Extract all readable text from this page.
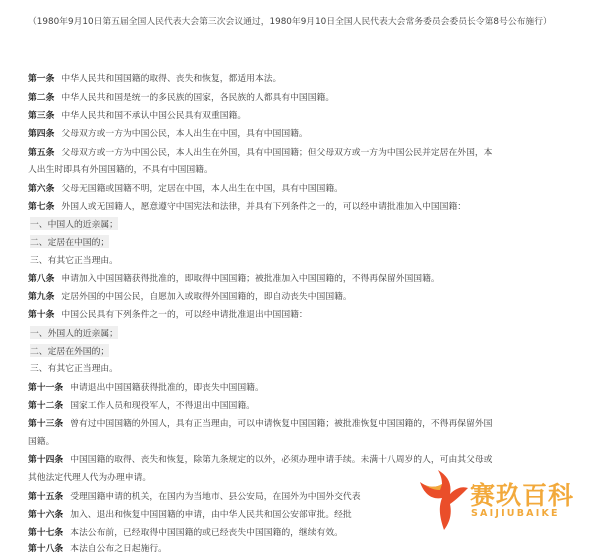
（1980年9月10日第五届全国人民代表大会第三次会议通过，1980年9月10日全国人民代表大会常务委员会委员长令第8号公布施行）
第一条 中华人民共和国国籍的取得、丧失和恢复，都适用本法。
第二条 中华人民共和国是统一的多民族的国家，各民族的人都具有中国国籍。
第三条 中华人民共和国不承认中国公民具有双重国籍。
第四条 父母双方或一方为中国公民，本人出生在中国，具有中国国籍。
第五条 父母双方或一方为中国公民，本人出生在外国，具有中国国籍；但父母双方或一方为中国公民并定居在外国，本
人出生时即具有外国国籍的，不具有中国国籍。
第六条 父母无国籍或国籍不明，定居在中国，本人出生在中国，具有中国国籍。
第七条 外国人或无国籍人，愿意遵守中国宪法和法律，并具有下列条件之一的，可以经申请批准加入中国国籍：
一、中国人的近亲属；
二、定居在中国的；
三、有其它正当理由。
第八条 申请加入中国国籍获得批准的，即取得中国国籍；被批准加入中国国籍的，不得再保留外国国籍。
第九条 定居外国的中国公民，自愿加入或取得外国国籍的，即自动丧失中国国籍。
第十条 中国公民具有下列条件之一的，可以经申请批准退出中国国籍：
一、外国人的近亲属；
二、定居在外国的；
三、有其它正当理由。
第十一条 申请退出中国国籍获得批准的，即丧失中国国籍。
第十二条 国家工作人员和现役军人，不得退出中国国籍。
第十三条 曾有过中国国籍的外国人，具有正当理由，可以申请恢复中国国籍；被批准恢复中国国籍的，不得再保留外国
国籍。
第十四条 中国国籍的取得、丧失和恢复，除第九条规定的以外，必须办理申请手续。未满十八周岁的人，可由其父母或
其他法定代理人代为办理申请。
第十五条 受理国籍申请的机关，在国内为当地市、县公安局，在国外为中国外交代表
第十六条 加入、退出和恢复中国国籍的申请，由中华人民共和国公安部审批。经批
第十七条 本法公布前，已经取得中国国籍的或已经丧失中国国籍的，继续有效。
第十八条 本法自公布之日起施行。
赛玖百科
SAIJIUBAIKE
